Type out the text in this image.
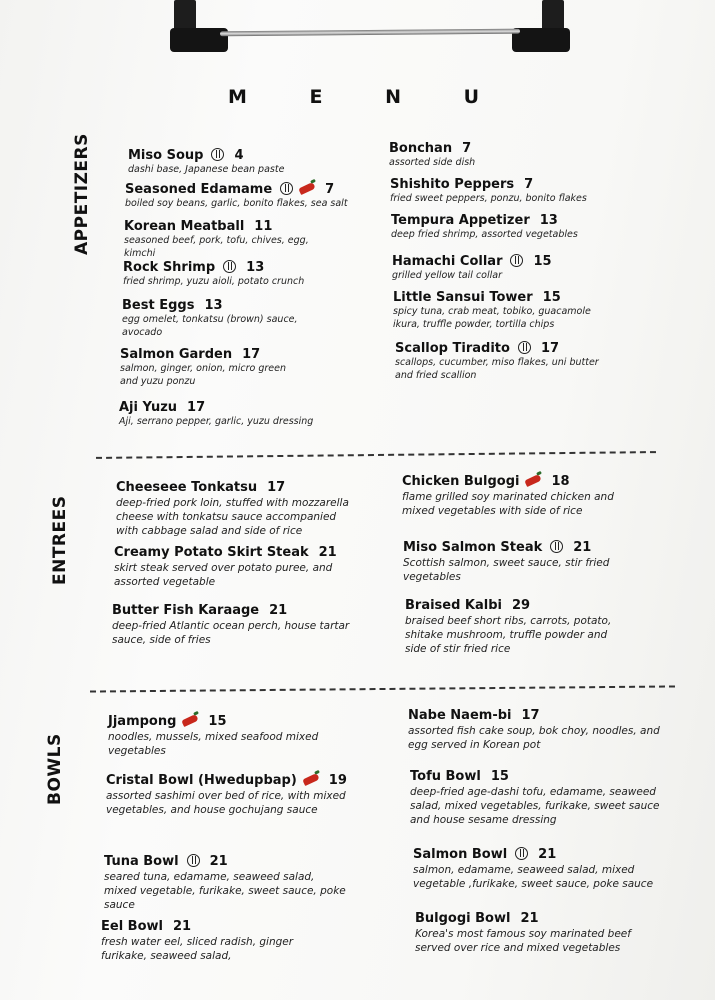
M E N U
APPETIZERS
ENTREES
BOWLS
Miso Soup 4
dashi base, Japanese bean paste
Seasoned Edamame	7
boiled soy beans, garlic, bonito flakes, sea salt
Korean Meatball 11
seasoned beef, pork, tofu, chives, egg, kimchi
Rock Shrimp 13
fried shrimp, yuzu aioli, potato crunch
Best Eggs 13
egg omelet, tonkatsu (brown) sauce, avocado
Salmon Garden 17
salmon, ginger, onion, micro green and yuzu ponzu
Aji Yuzu 17
Aji, serrano pepper, garlic, yuzu dressing
Bonchan 7
assorted side dish
Shishito Peppers 7
fried sweet peppers, ponzu, bonito flakes
Tempura Appetizer 13
deep fried shrimp, assorted vegetables
Hamachi Collar 15
grilled yellow tail collar
Little Sansui Tower 15
spicy tuna, crab meat, tobiko, guacamole ikura, truffle powder, tortilla chips
Scallop Tiradito 17
scallops, cucumber, miso flakes, uni butter and fried scallion
Cheeseee Tonkatsu 17
deep-fried pork loin, stuffed with mozzarella cheese with tonkatsu sauce accompanied with cabbage salad and side of rice
Creamy Potato Skirt Steak 21
skirt steak served over potato puree, and assorted vegetable
Butter Fish Karaage 21
deep-fried Atlantic ocean perch, house tartar sauce, side of fries
Chicken Bulgogi 18
flame grilled soy marinated chicken and mixed vegetables with side of rice
Miso Salmon Steak 21
Scottish salmon, sweet sauce, stir fried vegetables
Braised Kalbi 29
braised beef short ribs, carrots, potato, shitake mushroom, truffle powder and side of stir fried rice
Jjampong 15
noodles, mussels, mixed seafood mixed vegetables
Cristal Bowl (Hwedupbap) 19
assorted sashimi over bed of rice, with mixed vegetables, and house gochujang sauce
Tuna Bowl 21
seared tuna, edamame, seaweed salad, mixed vegetable, furikake, sweet sauce, poke sauce
Eel Bowl 21
fresh water eel, sliced radish, ginger furikake, seaweed salad,
Nabe Naem-bi 17
assorted fish cake soup, bok choy, noodles, and egg served in Korean pot
Tofu Bowl 15
deep-fried age-dashi tofu, edamame, seaweed salad, mixed vegetables, furikake, sweet sauce and house sesame dressing
Salmon Bowl 21
salmon, edamame, seaweed salad, mixed vegetable ,furikake, sweet sauce, poke sauce
Bulgogi Bowl 21
Korea's most famous soy marinated beef served over rice and mixed vegetables
